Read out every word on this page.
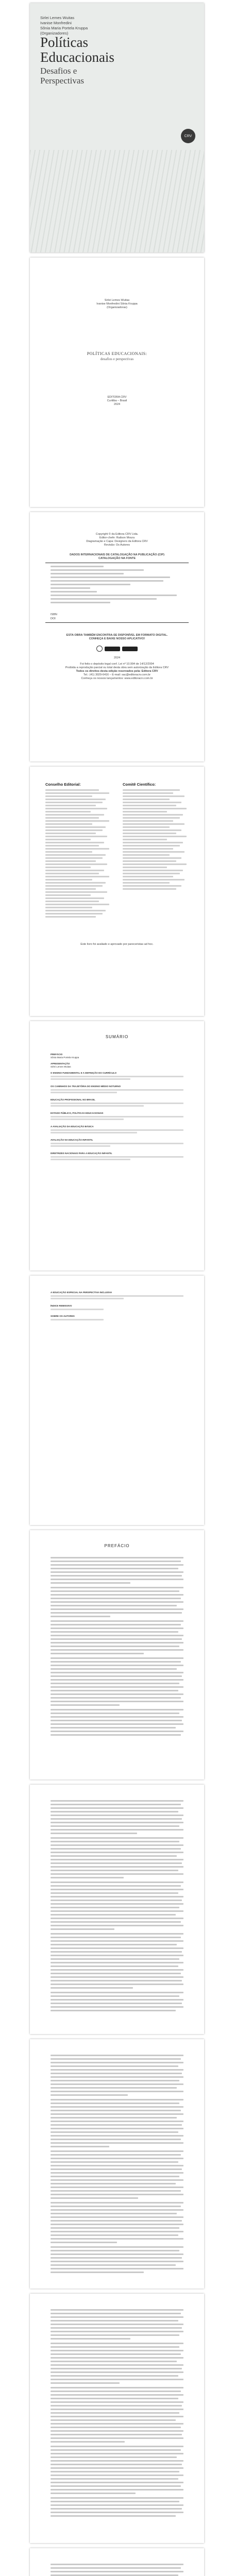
Sirlei Lemes Wuitas
Ivanise Monfredini
Sônia Maria Portela Kruppa
(Organizadores)
Políticas
Educacionais
Desafios e
Perspectivas
CRV
Sirlei Lemes Wuitas
Ivanise Monfredini Sônia Kruppa
(Organizadoras)
POLÍTICAS EDUCACIONAIS:
desafios e perspectivas
EDITORA CRV
Curitiba – Brasil
2024
Copyright © da Editora CRV Ltda.
Editor-chefe: Railson Moura
Diagramação e Capa: Designers da Editora CRV
Revisão: Os Autores
DADOS INTERNACIONAIS DE CATALOGAÇÃO NA PUBLICAÇÃO (CIP)
CATALOGAÇÃO NA FONTE
ISBN
DOI
ESTA OBRA TAMBÉM ENCONTRA-SE DISPONÍVEL EM FORMATO DIGITAL.
CONHEÇA E BAIXE NOSSO APLICATIVO!

2024
Foi feito o depósito legal conf. Lei nº 10.994 de 14/12/2004
Proibida a reprodução parcial ou total desta obra sem autorização da Editora CRV
Todos os direitos desta edição reservados pela: Editora CRV
Tel.: (41) 3029-6416 – E-mail: sac@editoracrv.com.br
Conheça os nossos lançamentos: www.editoracrv.com.br
Conselho Editorial:	Comitê Científico:
Este livro foi avaliado e aprovado por pareceristas ad hoc.
SUMÁRIO
PREFÁCIO
Sônia Maria Portela Kruppa
APRESENTAÇÃO
Sirlei Lemes Wuitas
O ENSINO FUNDAMENTAL E A DEFINIÇÃO DO CURRÍCULO
OS CAMINHOS DA TRAJETÓRIA DO ENSINO MÉDIO NOTURNO
EDUCAÇÃO PROFISSIONAL NO BRASIL
ESTADO PÚBLICO, POLÍTICAS EDUCACIONAIS
A AVALIAÇÃO DA EDUCAÇÃO BÁSICA
AVALIAÇÃO NA EDUCAÇÃO INFANTIL
DIRETRIZES NACIONAIS PARA A EDUCAÇÃO INFANTIL
A EDUCAÇÃO ESPECIAL NA PERSPECTIVA INCLUSIVA
ÍNDICE REMISSIVO
SOBRE OS AUTORES
PREFÁCIO
